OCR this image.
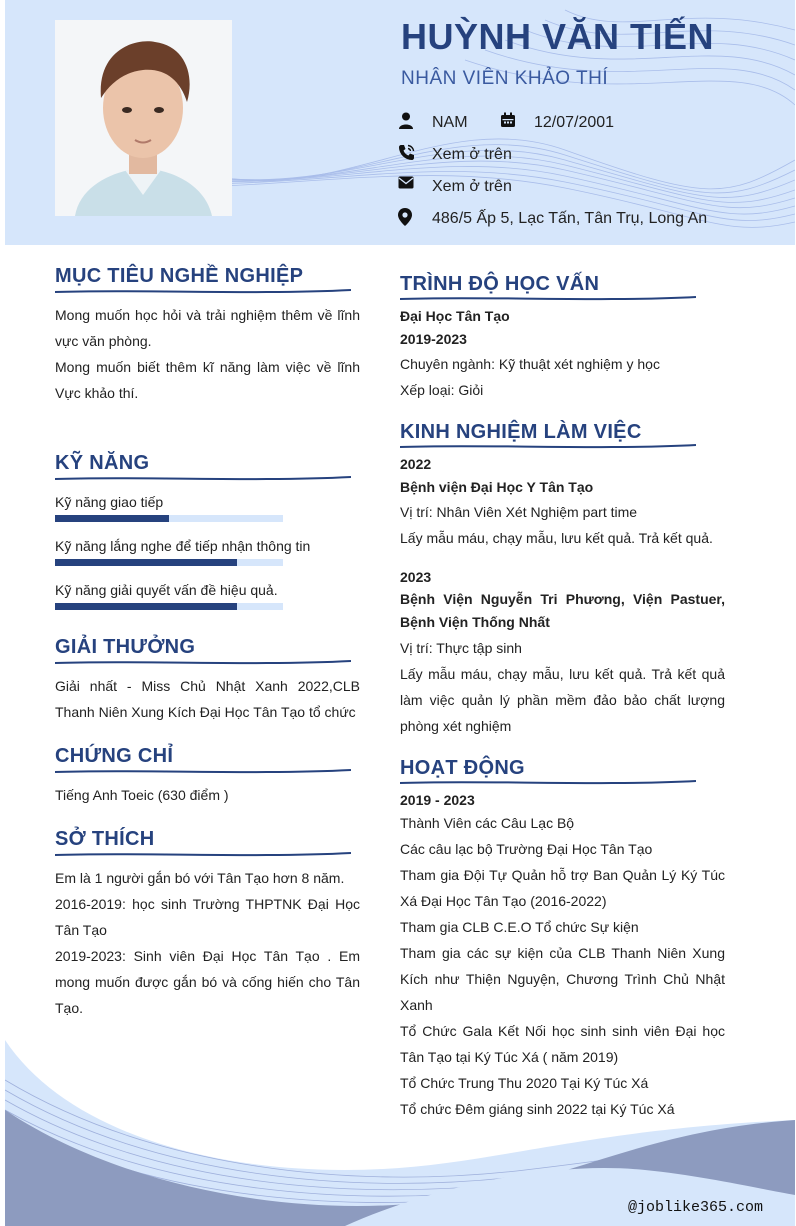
HUỲNH VĂN TIẾN
NHÂN VIÊN KHẢO THÍ
NAM	12/07/2001
Xem ở trên
Xem ở trên
486/5 Ấp 5, Lạc Tấn, Tân Trụ, Long An
@joblike365.com
MỤC TIÊU NGHỀ NGHIỆP
Mong muốn học hỏi và trải nghiệm thêm về lĩnh vực văn phòng.
Mong muốn biết thêm kĩ năng làm việc về lĩnh Vực khảo thí.
KỸ NĂNG
Kỹ năng giao tiếp
Kỹ năng lắng nghe để tiếp nhận thông tin
Kỹ năng giải quyết vấn đề hiệu quả.
GIẢI THƯỞNG
Giải nhất - Miss Chủ Nhật Xanh 2022,CLB Thanh Niên Xung Kích Đại Học Tân Tạo tổ chức
CHỨNG CHỈ
Tiếng Anh Toeic (630 điểm )
SỞ THÍCH
Em là 1 người gắn bó với Tân Tạo hơn 8 năm.
2016-2019: học sinh Trường THPTNK Đại Học Tân Tạo
2019-2023: Sinh viên Đại Học Tân Tạo . Em mong muốn được gắn bó và cống hiến cho Tân Tạo.
TRÌNH ĐỘ HỌC VẤN
Đại Học Tân Tạo
2019-2023
Chuyên ngành: Kỹ thuật xét nghiệm y học
Xếp loại: Giỏi
KINH NGHIỆM LÀM VIỆC
2022
Bệnh viện Đại Học Y Tân Tạo
Vị trí: Nhân Viên Xét Nghiệm part time
Lấy mẫu máu, chạy mẫu, lưu kết quả. Trả kết quả.
2023
Bệnh Viện Nguyễn Tri Phương, Viện Pastuer, Bệnh Viện Thống Nhất
Vị trí: Thực tập sinh
Lấy mẫu máu, chạy mẫu, lưu kết quả. Trả kết quả làm việc quản lý phần mềm đảo bảo chất lượng phòng xét nghiệm
HOẠT ĐỘNG
2019 - 2023
Thành Viên các Câu Lạc Bộ
Các câu lạc bộ Trường Đại Học Tân Tạo
Tham gia Đội Tự Quản hỗ trợ Ban Quản Lý Ký Túc Xá Đại Học Tân Tạo (2016-2022)
Tham gia CLB C.E.O Tổ chức Sự kiện
Tham gia các sự kiện của CLB Thanh Niên Xung Kích như Thiện Nguyện, Chương Trình Chủ Nhật Xanh
Tổ Chức Gala Kết Nối học sinh sinh viên Đại học Tân Tạo tại Ký Túc Xá ( năm 2019)
Tổ Chức Trung Thu 2020 Tại Ký Túc Xá
Tổ chức Đêm giáng sinh 2022 tại Ký Túc Xá
